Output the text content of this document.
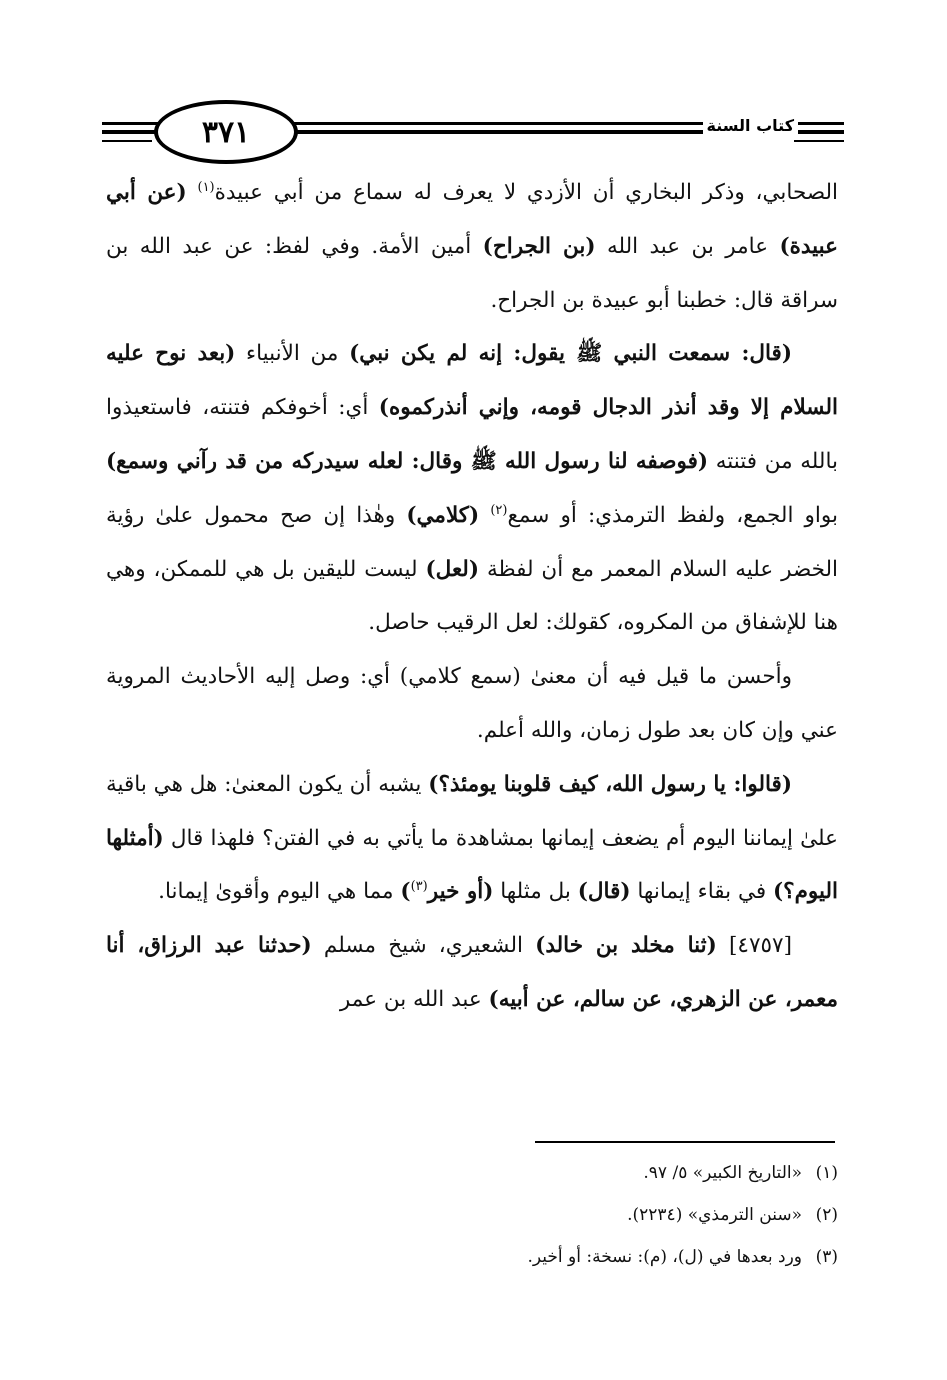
٣٧١	كتاب السنة

الصحابي، وذكر البخاري أن الأزدي لا يعرف له سماع من أبي عبيدة$^{(١)}$ (عن أبي عبيدة) عامر بن عبد الله (بن الجراح) أمين الأمة. وفي لفظ: عن عبد الله بن سراقة قال: خطبنا أبو عبيدة بن الجراح.

(قال: سمعت النبي ﷺ يقول: إنه لم يكن نبي) من الأنبياء (بعد نوح عليه السلام إلا وقد أنذر الدجال قومه، وإني أنذركموه) أي: أخوفكم فتنته، فاستعيذوا بالله من فتنته (فوصفه لنا رسول الله ﷺ وقال: لعله سيدركه من قد رآني وسمع) بواو الجمع، ولفظ الترمذي: أو سمع$^{(٢)}$ (كلامي) وهٰذا إن صح محمول علىٰ رؤية الخضر عليه السلام المعمر مع أن لفظة (لعل) ليست لليقين بل هي للممكن، وهي هنا للإشفاق من المكروه، كقولك: لعل الرقيب حاصل.

وأحسن ما قيل فيه أن معنىٰ (سمع كلامي) أي: وصل إليه الأحاديث المروية عني وإن كان بعد طول زمان، والله أعلم.

(قالوا: يا رسول الله، كيف قلوبنا يومئذ؟) يشبه أن يكون المعنىٰ: هل هي باقية علىٰ إيماننا اليوم أم يضعف إيمانها بمشاهدة ما يأتي به في الفتن؟ فلهذا قال (أمثلها اليوم؟) في بقاء إيمانها (قال) بل مثلها (أو خير$^{(٣)}$) مما هي اليوم وأقوىٰ إيمانا.

[٤٧٥٧] (ثنا مخلد بن خالد) الشعيري، شيخ مسلم (حدثنا عبد الرزاق، أنا معمر، عن الزهري، عن سالم، عن أبيه) عبد الله بن عمر

(١)«التاريخ الكبير» ٥/ ٩٧.

(٢)«سنن الترمذي» (٢٢٣٤).

(٣)ورد بعدها في (ل)، (م): نسخة: أو أخير.
